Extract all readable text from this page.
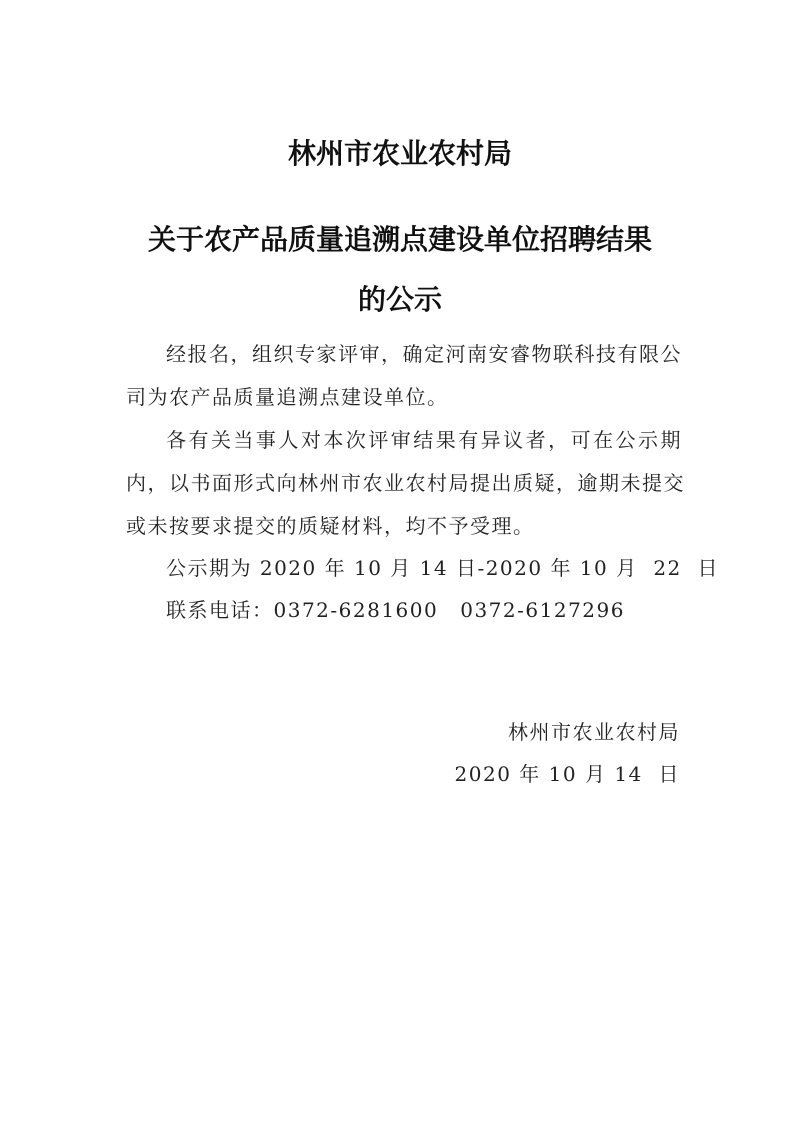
林州市农业农村局
关于农产品质量追溯点建设单位招聘结果
的公示
经报名，组织专家评审，确定河南安睿物联科技有限公
司为农产品质量追溯点建设单位。
各有关当事人对本次评审结果有异议者，可在公示期
内，以书面形式向林州市农业农村局提出质疑，逾期未提交
或未按要求提交的质疑材料，均不予受理。
公示期为 2020 年 10 月 14 日-2020 年 10 月  22  日
联系电话：0372-6281600 0372-6127296
林州市农业农村局
2020 年 10 月 14  日
